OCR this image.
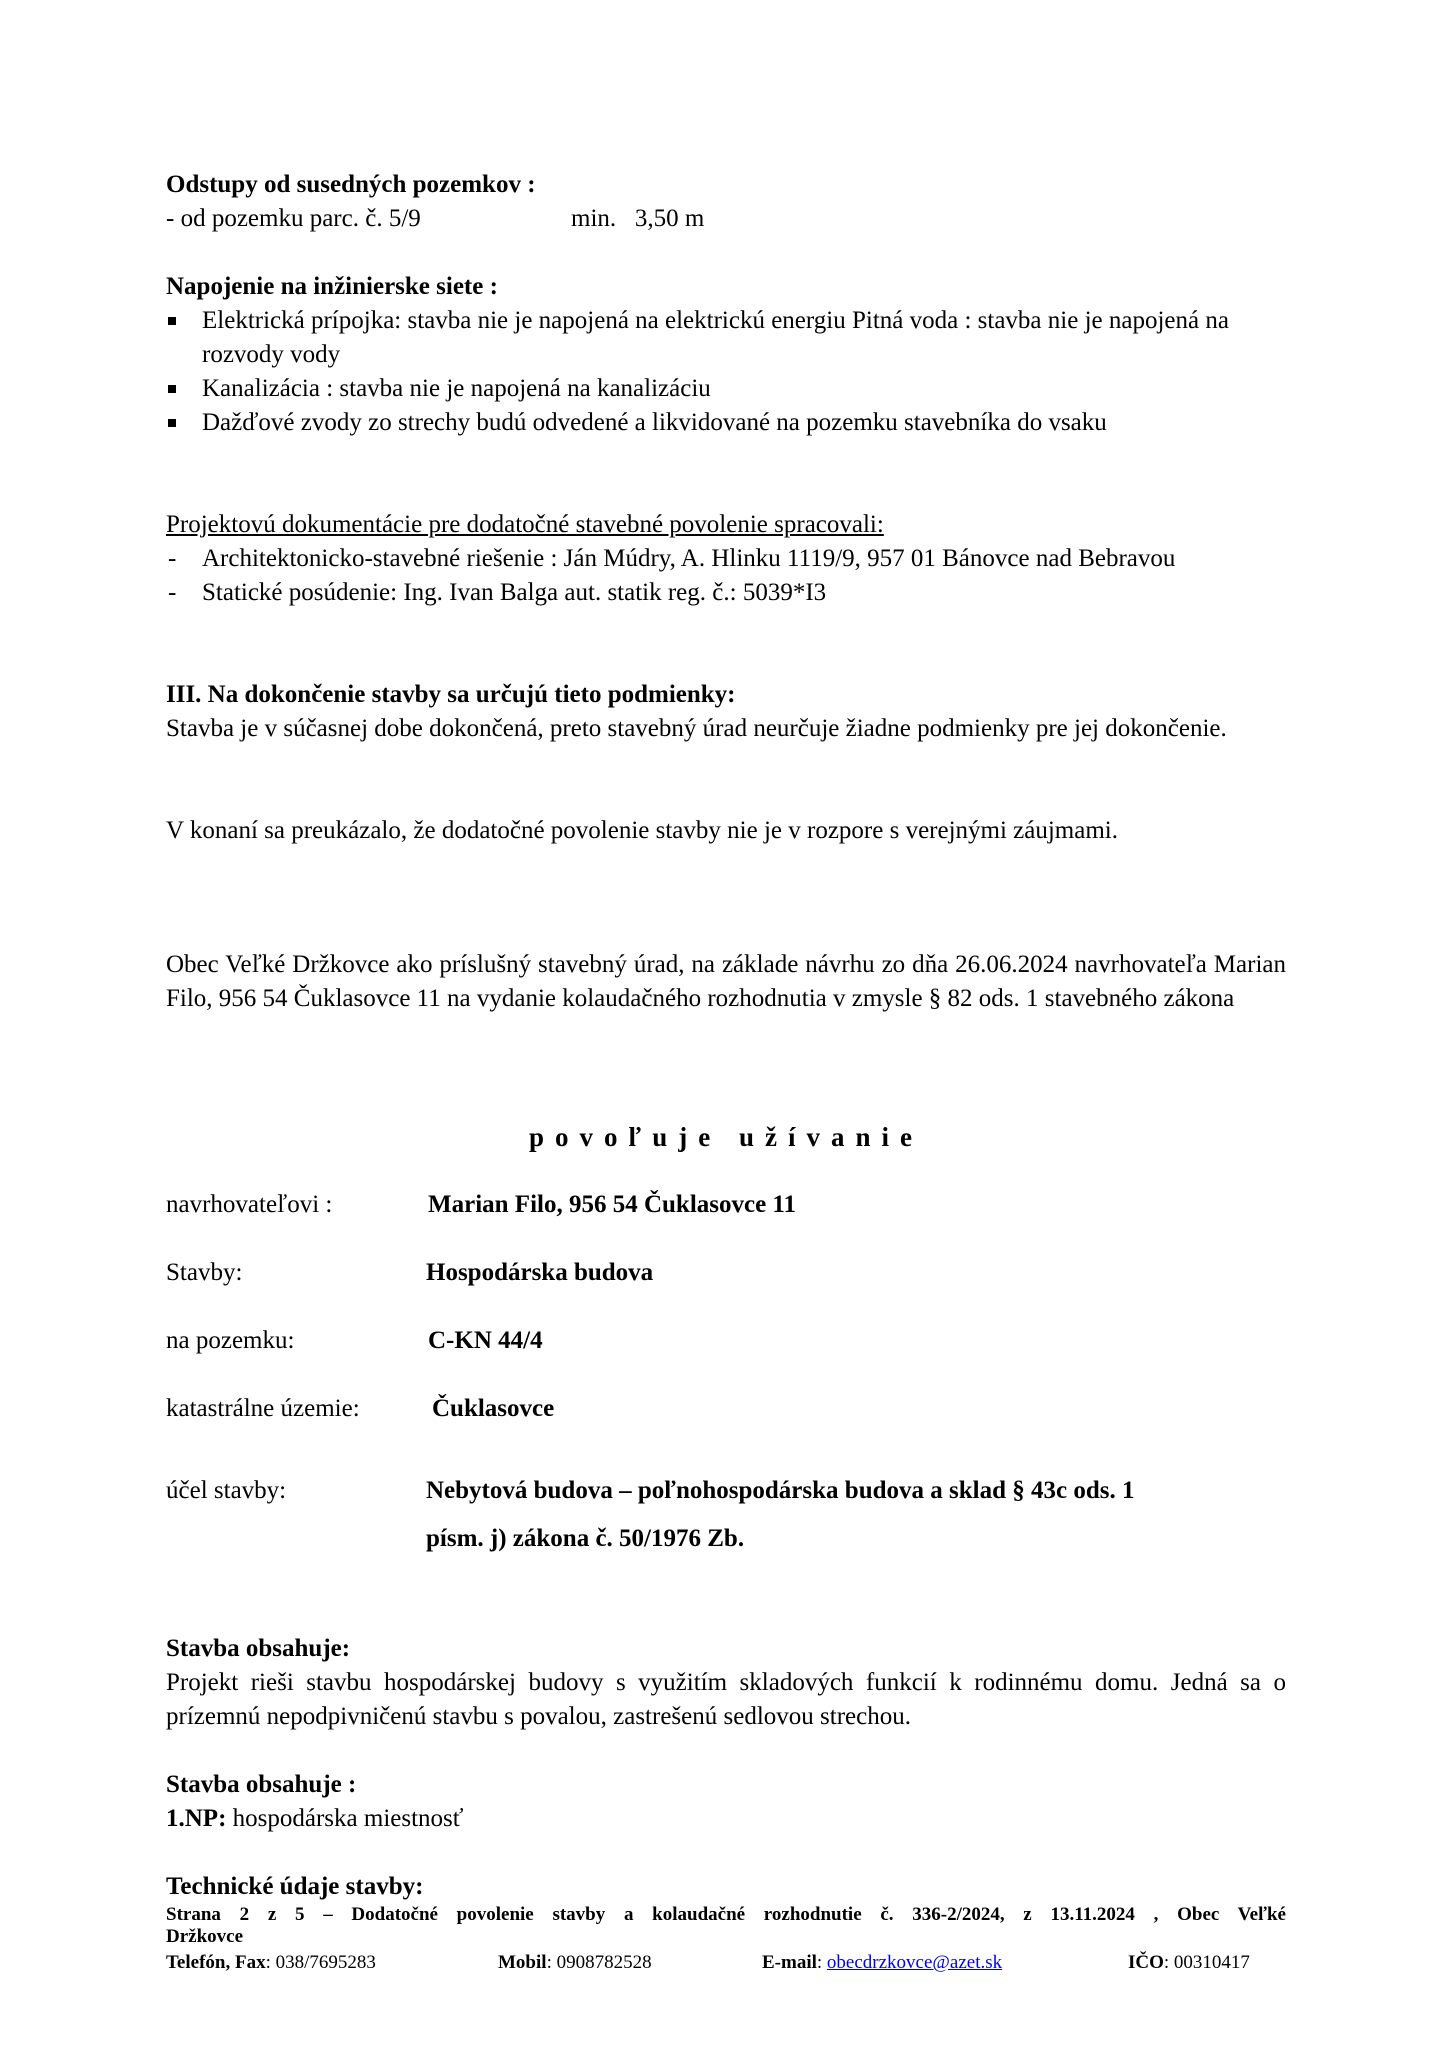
Odstupy od susedných pozemkov :
- od pozemku parc. č. 5/9	min.   3,50 m
Napojenie na inžinierske siete :
Elektrická prípojka: stavba nie je napojená na elektrickú energiu Pitná voda : stavba nie je napojená na rozvody vody
Kanalizácia : stavba nie je napojená na kanalizáciu
Dažďové zvody zo strechy budú odvedené a likvidované na pozemku stavebníka do vsaku
Projektovú dokumentácie pre dodatočné stavebné povolenie spracovali:
- Architektonicko-stavebné riešenie : Ján Múdry, A. Hlinku 1119/9, 957 01 Bánovce nad Bebravou
- Statické posúdenie: Ing. Ivan Balga aut. statik reg. č.: 5039*I3
III. Na dokončenie stavby sa určujú tieto podmienky:
Stavba je v súčasnej dobe dokončená, preto stavebný úrad neurčuje žiadne podmienky pre jej dokončenie.
V konaní sa preukázalo, že dodatočné povolenie stavby nie je v rozpore s verejnými záujmami.
Obec Veľké Držkovce ako príslušný stavebný úrad, na základe návrhu zo dňa 26.06.2024 navrhovateľa Marian Filo, 956 54 Čuklasovce 11 na vydanie kolaudačného rozhodnutia v zmysle § 82 ods. 1 stavebného zákona
povoľuje užívanie
navrhovateľovi :	Marian Filo, 956 54 Čuklasovce 11
Stavby:	Hospodárska budova
na pozemku:	C-KN 44/4
katastrálne územie:	Čuklasovce
účel stavby:	Nebytová budova – poľnohospodárska budova a sklad § 43c ods. 1
písm. j) zákona č. 50/1976 Zb.
Stavba obsahuje:
Projekt rieši stavbu hospodárskej budovy s využitím skladových funkcií k rodinnému domu. Jedná sa o prízemnú nepodpivničenú stavbu s povalou, zastrešenú sedlovou strechou.
Stavba obsahuje :
1.NP: hospodárska miestnosť
Technické údaje stavby:
Strana 2 z 5 – Dodatočné povolenie stavby a kolaudačné rozhodnutie č. 336-2/2024, z 13.11.2024 , Obec Veľké
Držkovce
Telefón, Fax: 038/7695283	Mobil: 0908782528	E-mail: obecdrzkovce@azet.sk	IČO: 00310417
